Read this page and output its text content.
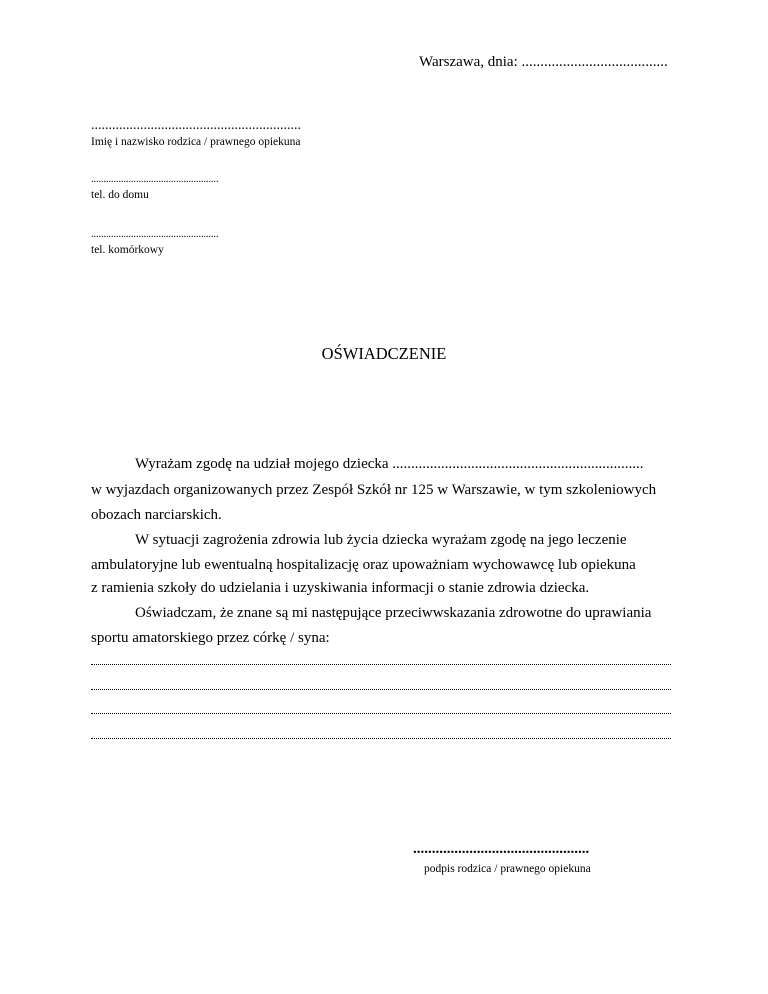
Warszawa, dnia: .......................................
............................................................
Imię i nazwisko rodzica / prawnego opiekuna
...................................................
tel. do domu
...................................................
tel. komórkowy
OŚWIADCZENIE
Wyrażam zgodę na udział mojego dziecka ...................................................................
w wyjazdach organizowanych przez Zespół Szkół nr 125 w Warszawie, w tym szkoleniowych
obozach narciarskich.
W sytuacji zagrożenia zdrowia lub życia dziecka wyrażam zgodę na jego leczenie
ambulatoryjne lub ewentualną hospitalizację oraz upoważniam wychowawcę lub opiekuna
z ramienia szkoły do udzielania i uzyskiwania informacji o stanie zdrowia dziecka.
Oświadczam, że znane są mi następujące przeciwwskazania zdrowotne do uprawiania
sportu amatorskiego przez córkę / syna:
...............................................
podpis rodzica / prawnego opiekuna
